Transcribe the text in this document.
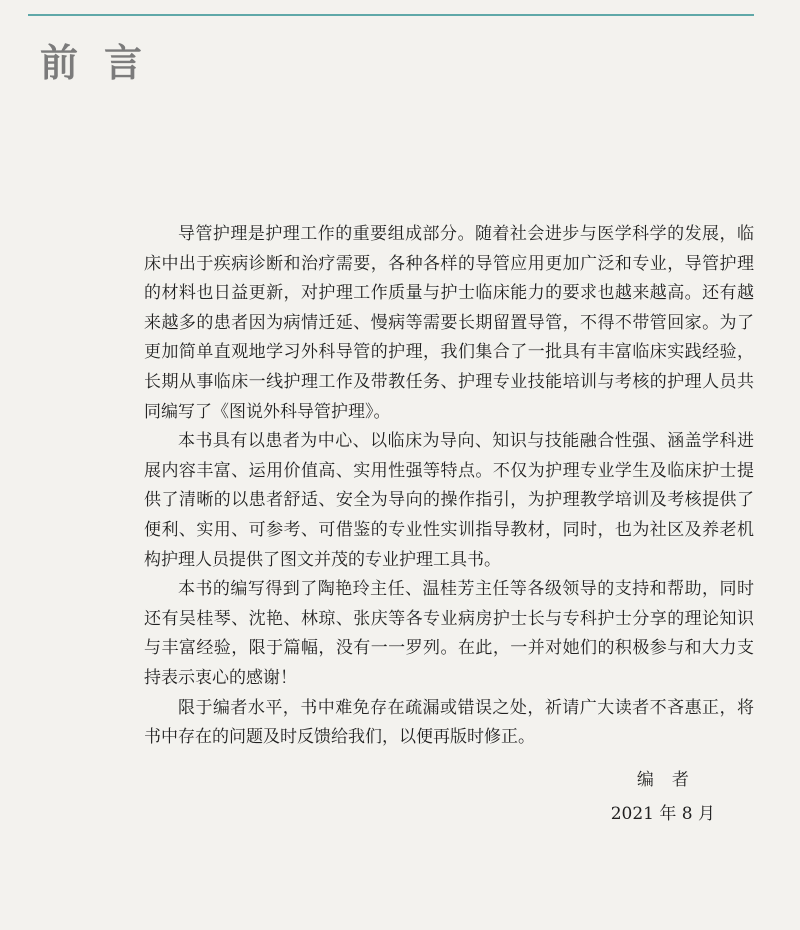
前言

导管护理是护理工作的重要组成部分。随着社会进步与医学科学的发展，临床中出于疾病诊断和治疗需要，各种各样的导管应用更加广泛和专业，导管护理的材料也日益更新，对护理工作质量与护士临床能力的要求也越来越高。还有越来越多的患者因为病情迁延、慢病等需要长期留置导管，不得不带管回家。为了更加简单直观地学习外科导管的护理，我们集合了一批具有丰富临床实践经验，长期从事临床一线护理工作及带教任务、护理专业技能培训与考核的护理人员共同编写了《图说外科导管护理》。

本书具有以患者为中心、以临床为导向、知识与技能融合性强、涵盖学科进展内容丰富、运用价值高、实用性强等特点。不仅为护理专业学生及临床护士提供了清晰的以患者舒适、安全为导向的操作指引，为护理教学培训及考核提供了便利、实用、可参考、可借鉴的专业性实训指导教材，同时，也为社区及养老机构护理人员提供了图文并茂的专业护理工具书。

本书的编写得到了陶艳玲主任、温桂芳主任等各级领导的支持和帮助，同时还有吴桂琴、沈艳、林琼、张庆等各专业病房护士长与专科护士分享的理论知识与丰富经验，限于篇幅，没有一一罗列。在此，一并对她们的积极参与和大力支持表示衷心的感谢！

限于编者水平，书中难免存在疏漏或错误之处，祈请广大读者不吝惠正，将书中存在的问题及时反馈给我们，以便再版时修正。

编者
2021 年 8 月
